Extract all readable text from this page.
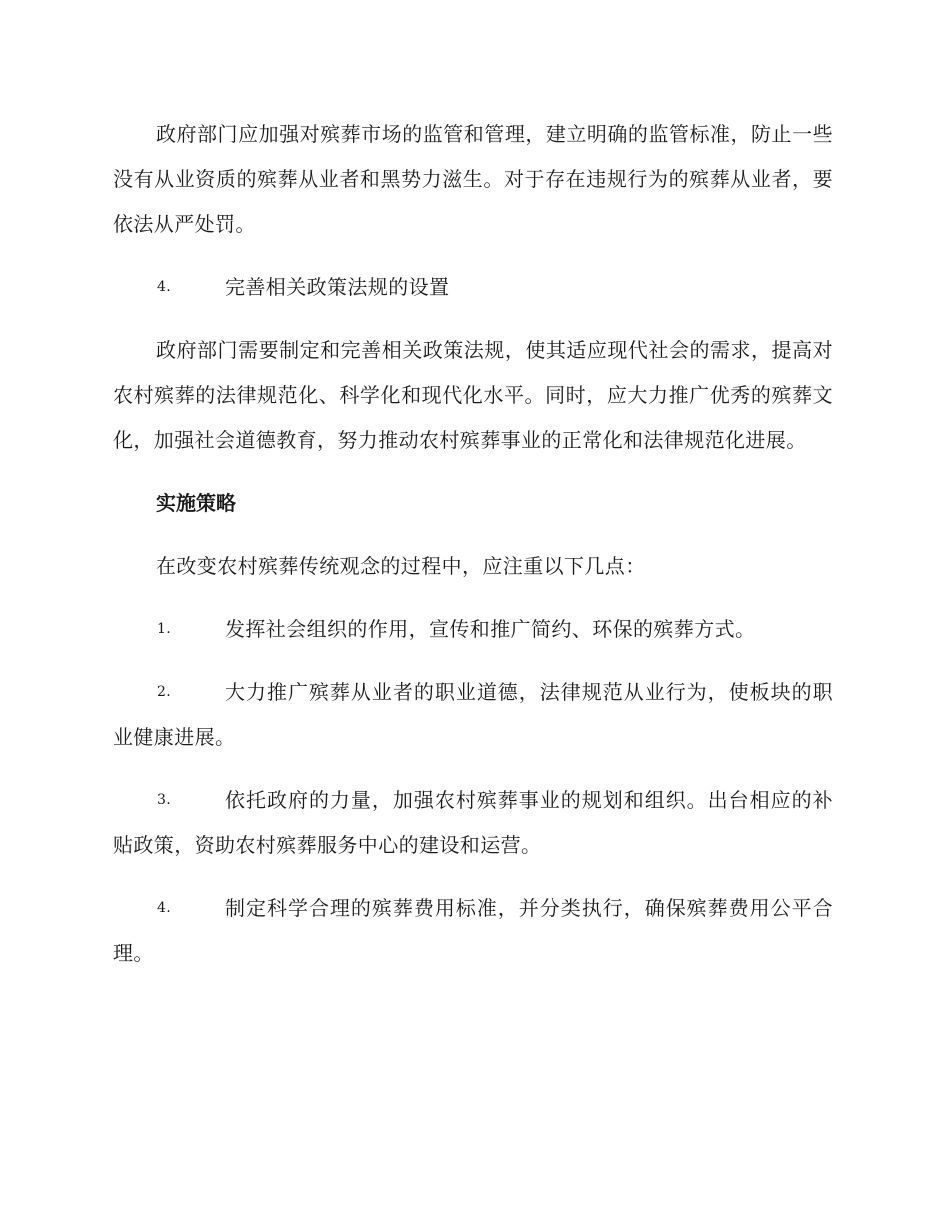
政府部门应加强对殡葬市场的监管和管理，建立明确的监管标准，防止一些没有从业资质的殡葬从业者和黑势力滋生。对于存在违规行为的殡葬从业者，要依法从严处罚。

4.	完善相关政策法规的设置

政府部门需要制定和完善相关政策法规，使其适应现代社会的需求，提高对农村殡葬的法律规范化、科学化和现代化水平。同时，应大力推广优秀的殡葬文化，加强社会道德教育，努力推动农村殡葬事业的正常化和法律规范化进展。

实施策略

在改变农村殡葬传统观念的过程中，应注重以下几点：

1.	发挥社会组织的作用，宣传和推广简约、环保的殡葬方式。

2.	大力推广殡葬从业者的职业道德，法律规范从业行为，使板块的职业健康进展。

3.	依托政府的力量，加强农村殡葬事业的规划和组织。出台相应的补贴政策，资助农村殡葬服务中心的建设和运营。

4.	制定科学合理的殡葬费用标准，并分类执行，确保殡葬费用公平合理。
